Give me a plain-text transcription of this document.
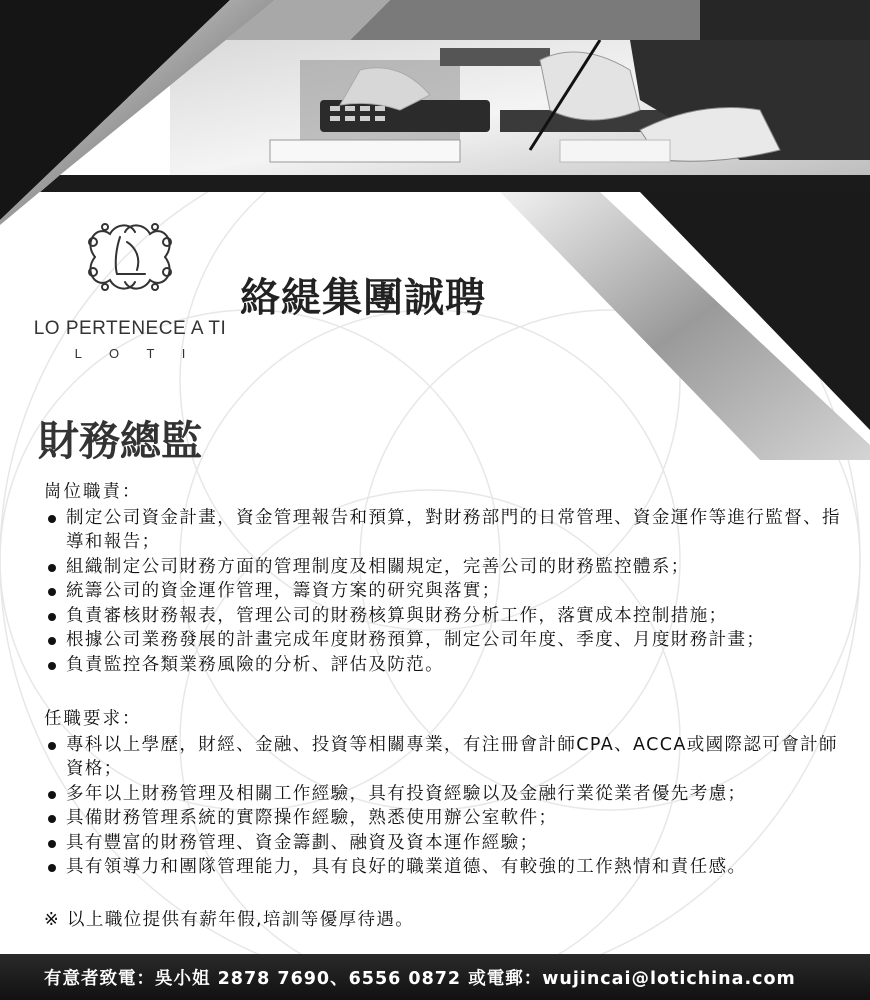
LO PERTENECE A TI
L O T I
絡緹集團誠聘
財務總監
崗位職責：
制定公司資金計畫，資金管理報告和預算，對財務部門的日常管理、資金運作等進行監督、指導和報告；
組織制定公司財務方面的管理制度及相關規定，完善公司的財務監控體系；
統籌公司的資金運作管理，籌資方案的研究與落實；
負責審核財務報表，管理公司的財務核算與財務分析工作，落實成本控制措施；
根據公司業務發展的計畫完成年度財務預算，制定公司年度、季度、月度財務計畫；
負責監控各類業務風險的分析、評估及防范。
任職要求：
專科以上學歷，財經、金融、投資等相關專業，有注冊會計師CPA、ACCA或國際認可會計師資格；
多年以上財務管理及相關工作經驗，具有投資經驗以及金融行業從業者優先考慮；
具備財務管理系統的實際操作經驗，熟悉使用辦公室軟件；
具有豐富的財務管理、資金籌劃、融資及資本運作經驗；
具有領導力和團隊管理能力，具有良好的職業道德、有較強的工作熱情和責任感。
※ 以上職位提供有薪年假,培訓等優厚待遇。
有意者致電：吳小姐 2878 7690、6556 0872 或電郵：wujincai@lotichina.com
